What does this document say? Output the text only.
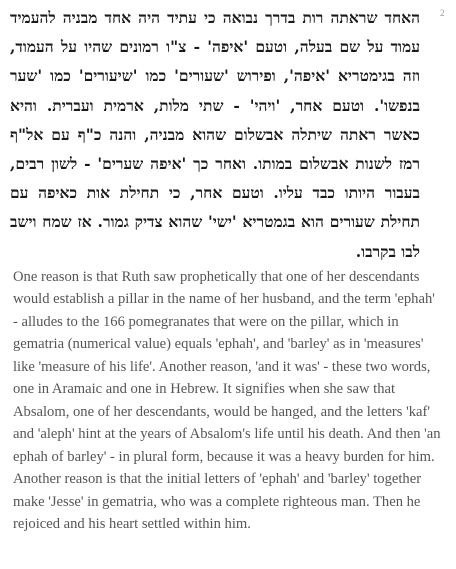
2
האחד שראתה רות בדרך נבואה כי עתיד היה אחד מבניה להעמיד עמוד על שם בעלה, וטעם 'איפה' - צ"ו רמונים שהיו על העמוד, וזה בגימטריא 'איפה', ופירוש 'שעורים' כמו 'שיעורים' כמו 'שער בנפשו'. וטעם אחר, 'ויהי' - שתי מלות, ארמית ועברית. והיא כאשר ראתה שיתלה אבשלום שהוא מבניה, והנה כ"ף עם אל"ף רמז לשנות אבשלום במותו. ואחר כך 'איפה שערים' - לשון רבים, בעבור היותו כבד עליו. וטעם אחר, כי תחילת אות כאיפה עם תחילת שעורים הוא בגמטריא 'ישי' שהוא צדיק גמור. אז שמח וישב לבו בקרבו.
One reason is that Ruth saw prophetically that one of her descendants would establish a pillar in the name of her husband, and the term 'ephah' - alludes to the 166 pomegranates that were on the pillar, which in gematria (numerical value) equals 'ephah', and 'barley' as in 'measures' like 'measure of his life'. Another reason, 'and it was' - these two words, one in Aramaic and one in Hebrew. It signifies when she saw that Absalom, one of her descendants, would be hanged, and the letters 'kaf' and 'aleph' hint at the years of Absalom's life until his death. And then 'an ephah of barley' - in plural form, because it was a heavy burden for him. Another reason is that the initial letters of 'ephah' and 'barley' together make 'Jesse' in gematria, who was a complete righteous man. Then he rejoiced and his heart settled within him.
